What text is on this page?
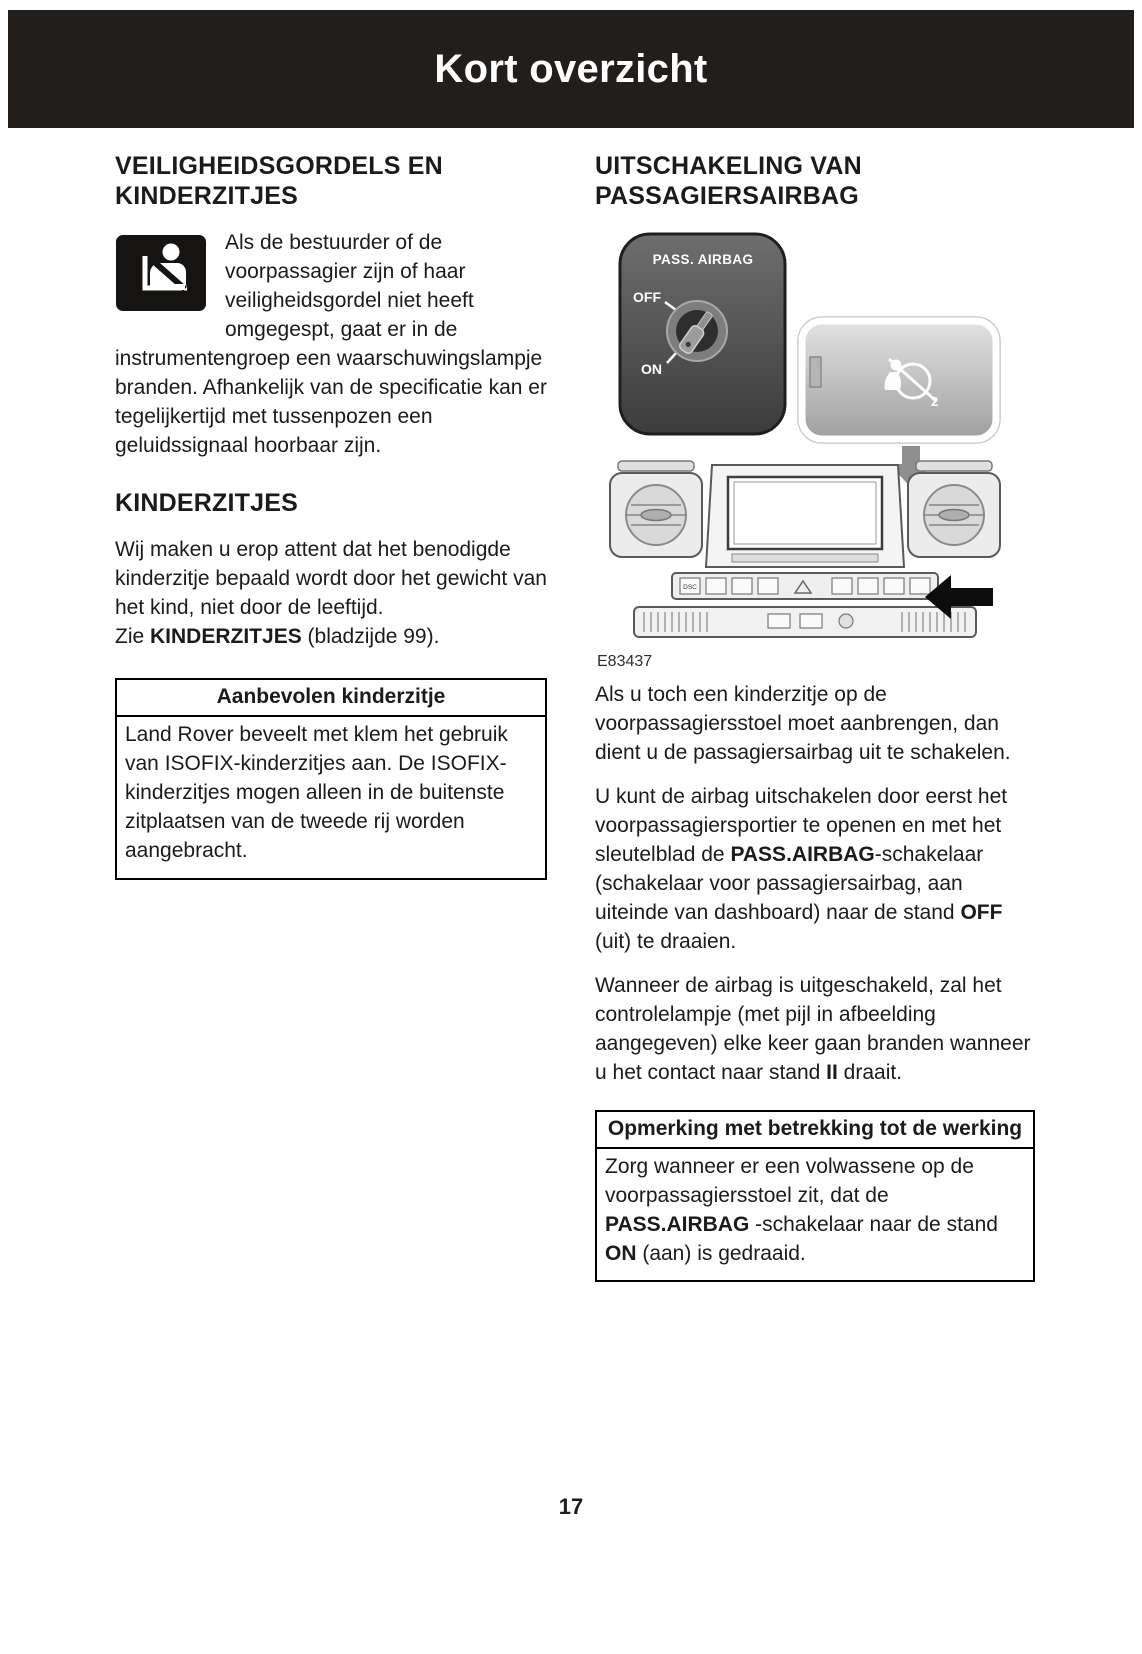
Kort overzicht
VEILIGHEIDSGORDELS EN KINDERZITJES
Als de bestuurder of de voorpassagier zijn of haar veiligheidsgordel niet heeft omgegespt, gaat er in de instrumentengroep een waarschuwingslampje branden. Afhankelijk van de specificatie kan er tegelijkertijd met tussenpozen een geluidssignaal hoorbaar zijn.
KINDERZITJES

Wij maken u erop attent dat het benodigde kinderzitje bepaald wordt door het gewicht van het kind, niet door de leeftijd.

Zie KINDERZITJES (bladzijde 99).

Aanbevolen kinderzitje
Land Rover beveelt met klem het gebruik van ISOFIX-kinderzitjes aan. De ISOFIX-kinderzitjes mogen alleen in de buitenste zitplaatsen van de tweede rij worden aangebracht.
UITSCHAKELING VAN PASSAGIERSAIRBAG
PASS. AIRBAG
OFF
ON
2
DSC
E83437

Als u toch een kinderzitje op de voorpassagiersstoel moet aanbrengen, dan dient u de passagiersairbag uit te schakelen.

U kunt de airbag uitschakelen door eerst het voorpassagiersportier te openen en met het sleutelblad de PASS.AIRBAG-schakelaar (schakelaar voor passagiersairbag, aan uiteinde van dashboard) naar de stand OFF (uit) te draaien.

Wanneer de airbag is uitgeschakeld, zal het controlelampje (met pijl in afbeelding aangegeven) elke keer gaan branden wanneer u het contact naar stand II draait.

Opmerking met betrekking tot de werking
Zorg wanneer er een volwassene op de voorpassagiersstoel zit, dat de PASS.AIRBAG -schakelaar naar de stand ON (aan) is gedraaid.
17
